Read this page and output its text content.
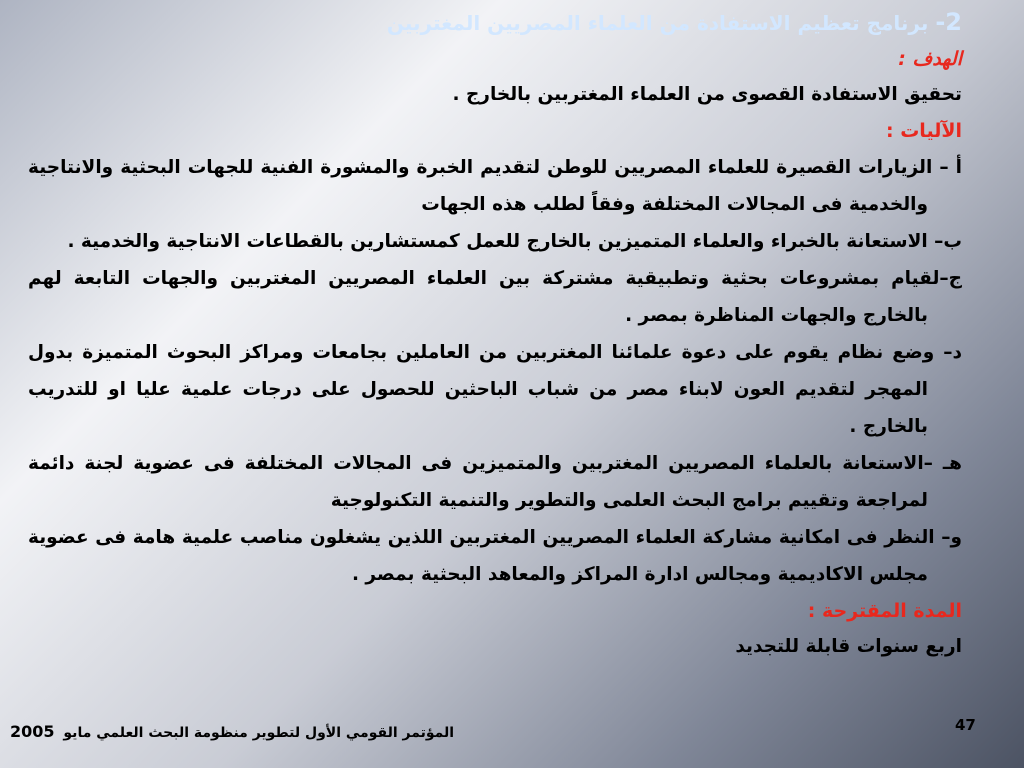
2- برنامج تعظيم الاستفادة من العلماء المصريين المغتربين
الهدف :
تحقيق الاستفادة القصوى من العلماء المغتربين بالخارج .
الآليات :
أ – الزيارات القصيرة للعلماء المصريين للوطن لتقديم الخبرة والمشورة الفنية للجهات البحثية والانتاجية والخدمية فى المجالات المختلفة وفقاً لطلب هذه الجهات
ب– الاستعانة بالخبراء والعلماء المتميزين بالخارج للعمل كمستشارين بالقطاعات الانتاجية والخدمية .
ج–لقيام بمشروعات بحثية وتطبيقية مشتركة بين العلماء المصريين المغتربين والجهات التابعة لهم بالخارج والجهات المناظرة بمصر .
د– وضع نظام يقوم على دعوة علمائنا المغتربين من العاملين بجامعات ومراكز البحوث المتميزة بدول المهجر لتقديم العون لابناء مصر من شباب الباحثين للحصول على درجات علمية عليا او للتدريب بالخارج .
هـ –الاستعانة بالعلماء المصريين المغتربين والمتميزين فى المجالات المختلفة فى عضوية لجنة دائمة لمراجعة وتقييم برامج البحث العلمى والتطوير والتنمية التكنولوجية
و– النظر فى امكانية مشاركة العلماء المصريين المغتربين اللذين يشغلون مناصب علمية هامة فى عضوية مجلس الاكاديمية ومجالس ادارة المراكز والمعاهد البحثية بمصر .
المدة المقترحة :
اربع سنوات قابلة للتجديد
2005 المؤتمر القومي الأول لتطوير منظومة البحث العلمي مايو	47
